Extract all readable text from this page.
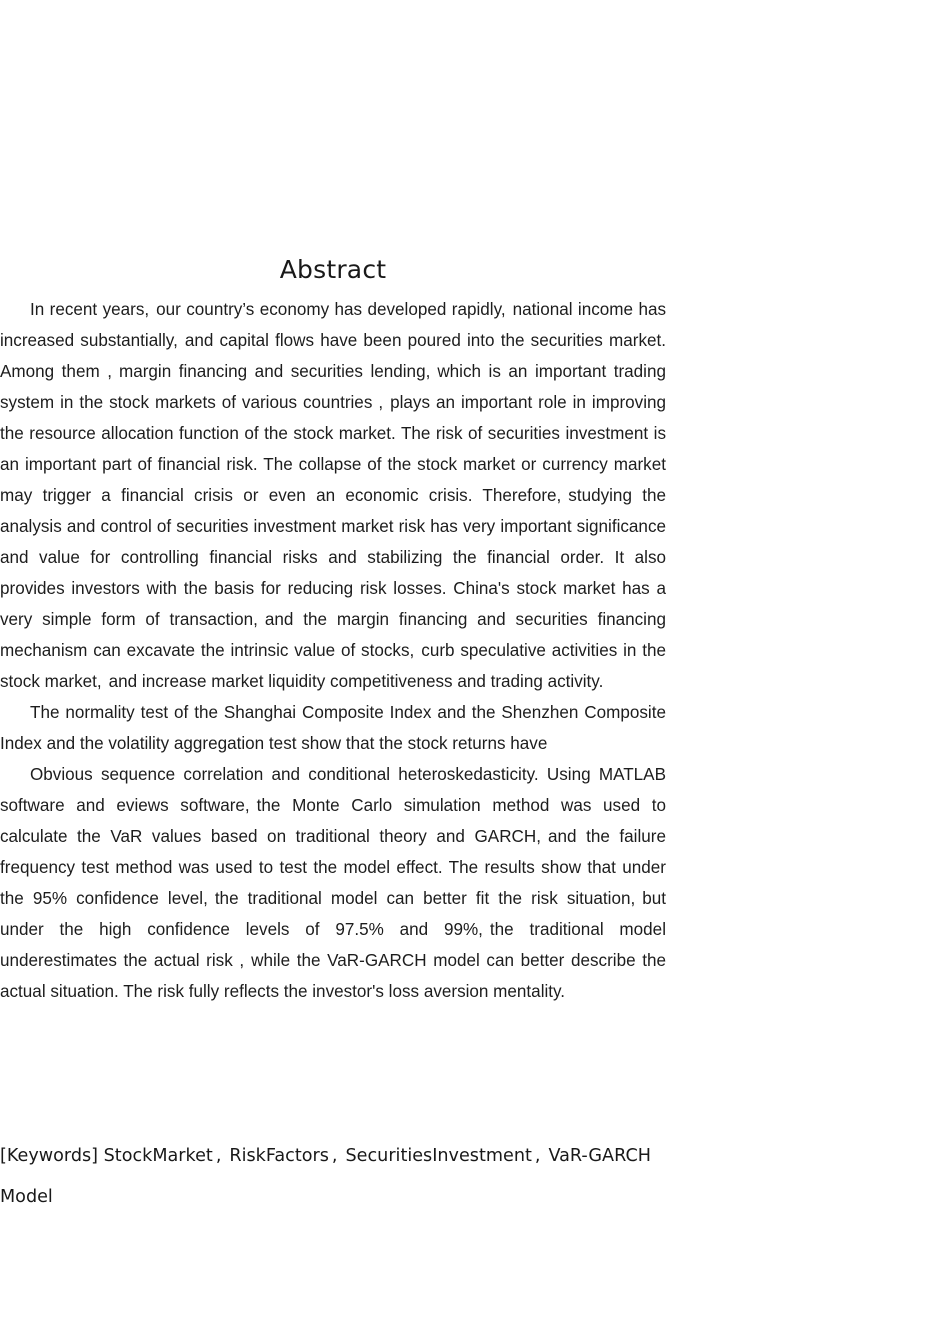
Abstract

In recent years, our country’s economy has developed rapidly, national income has increased substantially, and capital flows have been poured into the securities market. Among them , margin financing and securities lending, which is an important trading system in the stock markets of various countries , plays an important role in improving the resource allocation function of the stock market. The risk of securities investment is an important part of financial risk. The collapse of the stock market or currency market may trigger a financial crisis or even an economic crisis. Therefore, studying the analysis and control of securities investment market risk has very important significance and value for controlling financial risks and stabilizing the financial order. It also provides investors with the basis for reducing risk losses. China's stock market has a very simple form of transaction, and the margin financing and securities financing mechanism can excavate the intrinsic value of stocks, curb speculative activities in the stock market, and increase market liquidity competitiveness and trading activity.

The normality test of the Shanghai Composite Index and the Shenzhen Composite Index and the volatility aggregation test show that the stock returns have

Obvious sequence correlation and conditional heteroskedasticity. Using MATLAB software and eviews software, the Monte Carlo simulation method was used to calculate the VaR values based on traditional theory and GARCH, and the failure frequency test method was used to test the model effect. The results show that under the 95% confidence level, the traditional model can better fit the risk situation, but under the high confidence levels of 97.5% and 99%, the traditional model underestimates the actual risk , while the VaR-GARCH model can better describe the actual situation. The risk fully reflects the investor's loss aversion mentality.

[Keywords] StockMarket , RiskFactors , SecuritiesInvestment , VaR-GARCH Model
